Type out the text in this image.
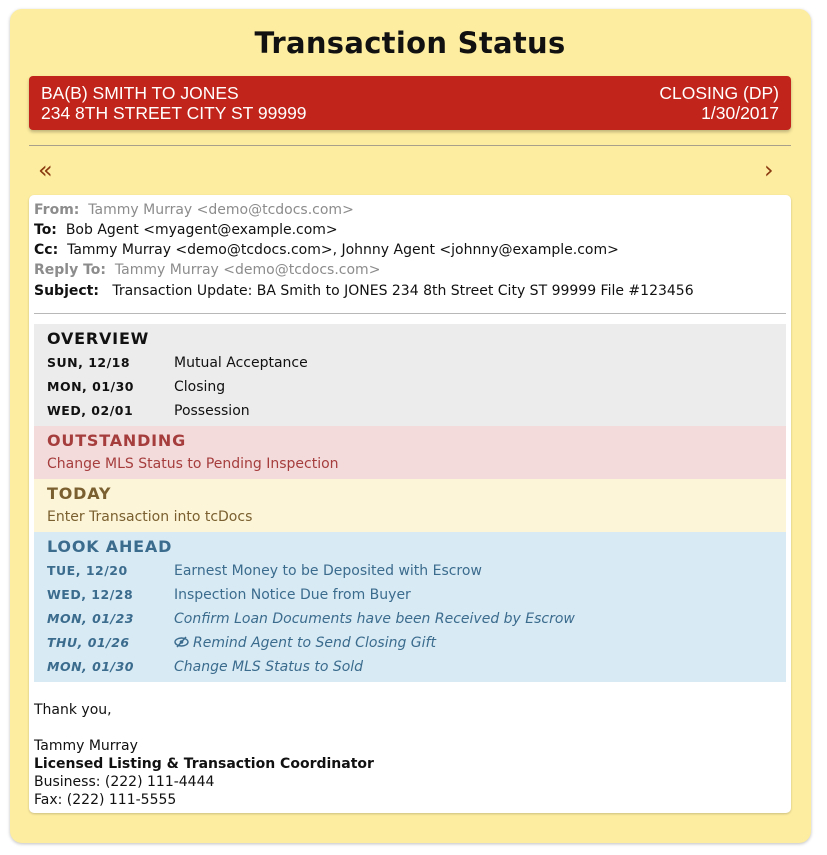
Transaction Status
BA(B) SMITH TO JONES
234 8TH STREET CITY ST 99999
CLOSING (DP)
1/30/2017
«	›
From: Tammy Murray <demo@tcdocs.com>
To: Bob Agent <myagent@example.com>
Cc: Tammy Murray <demo@tcdocs.com>, Johnny Agent <johnny@example.com>
Reply To: Tammy Murray <demo@tcdocs.com>
Subject: Transaction Update: BA Smith to JONES 234 8th Street City ST 99999 File #123456
OVERVIEW
SUN, 12/18	Mutual Acceptance
MON, 01/30	Closing
WED, 02/01	Possession
OUTSTANDING
Change MLS Status to Pending Inspection
TODAY
Enter Transaction into tcDocs
LOOK AHEAD
TUE, 12/20	Earnest Money to be Deposited with Escrow
WED, 12/28	Inspection Notice Due from Buyer
MON, 01/23	Confirm Loan Documents have been Received by Escrow
THU, 01/26	Remind Agent to Send Closing Gift
MON, 01/30	Change MLS Status to Sold
Thank you,
Tammy Murray
Licensed Listing & Transaction Coordinator
Business: (222) 111-4444
Fax: (222) 111-5555
